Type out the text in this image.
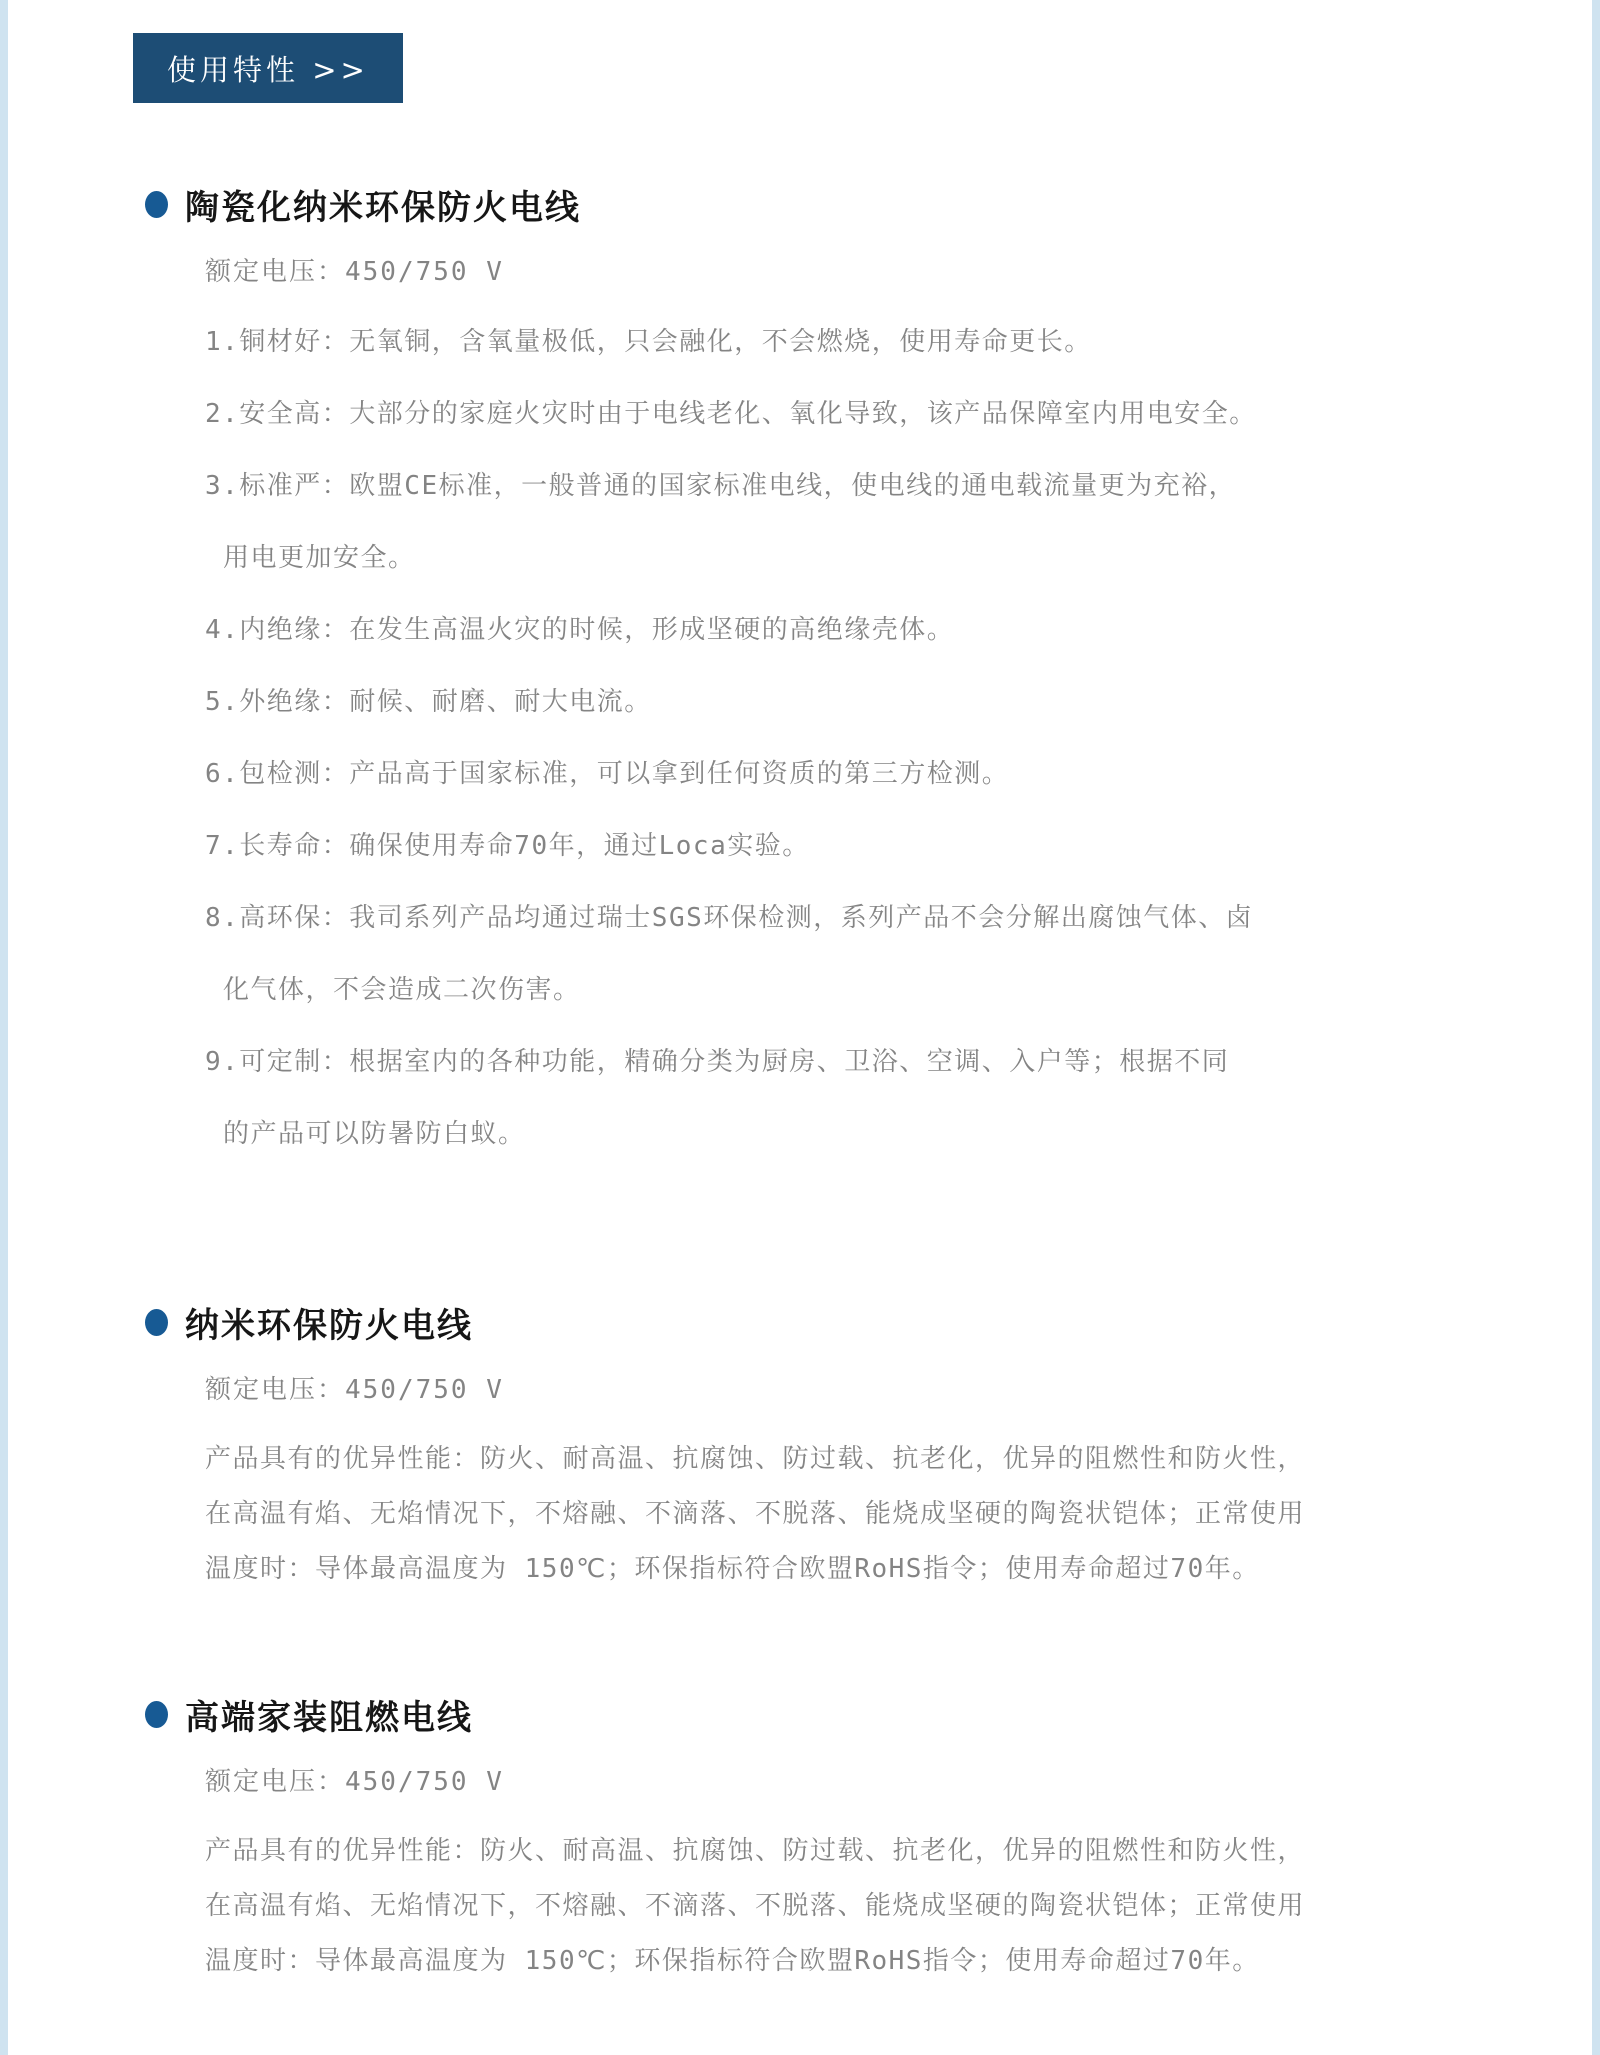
使用特性 >>
陶瓷化纳米环保防火电线
额定电压：450/750 V
1.铜材好：无氧铜，含氧量极低，只会融化，不会燃烧，使用寿命更长。
2.安全高：大部分的家庭火灾时由于电线老化、氧化导致，该产品保障室内用电安全。
3.标准严：欧盟CE标准，一般普通的国家标准电线，使电线的通电载流量更为充裕，
用电更加安全。
4.内绝缘：在发生高温火灾的时候，形成坚硬的高绝缘壳体。
5.外绝缘：耐候、耐磨、耐大电流。
6.包检测：产品高于国家标准，可以拿到任何资质的第三方检测。
7.长寿命：确保使用寿命70年，通过Loca实验。
8.高环保：我司系列产品均通过瑞士SGS环保检测，系列产品不会分解出腐蚀气体、卤
化气体，不会造成二次伤害。
9.可定制：根据室内的各种功能，精确分类为厨房、卫浴、空调、入户等；根据不同
的产品可以防暑防白蚁。
纳米环保防火电线
额定电压：450/750 V
产品具有的优异性能：防火、耐高温、抗腐蚀、防过载、抗老化，优异的阻燃性和防火性，
在高温有焰、无焰情况下，不熔融、不滴落、不脱落、能烧成坚硬的陶瓷状铠体；正常使用
温度时：导体最高温度为 150℃；环保指标符合欧盟RoHS指令；使用寿命超过70年。
高端家装阻燃电线
额定电压：450/750 V
产品具有的优异性能：防火、耐高温、抗腐蚀、防过载、抗老化，优异的阻燃性和防火性，
在高温有焰、无焰情况下，不熔融、不滴落、不脱落、能烧成坚硬的陶瓷状铠体；正常使用
温度时：导体最高温度为 150℃；环保指标符合欧盟RoHS指令；使用寿命超过70年。
